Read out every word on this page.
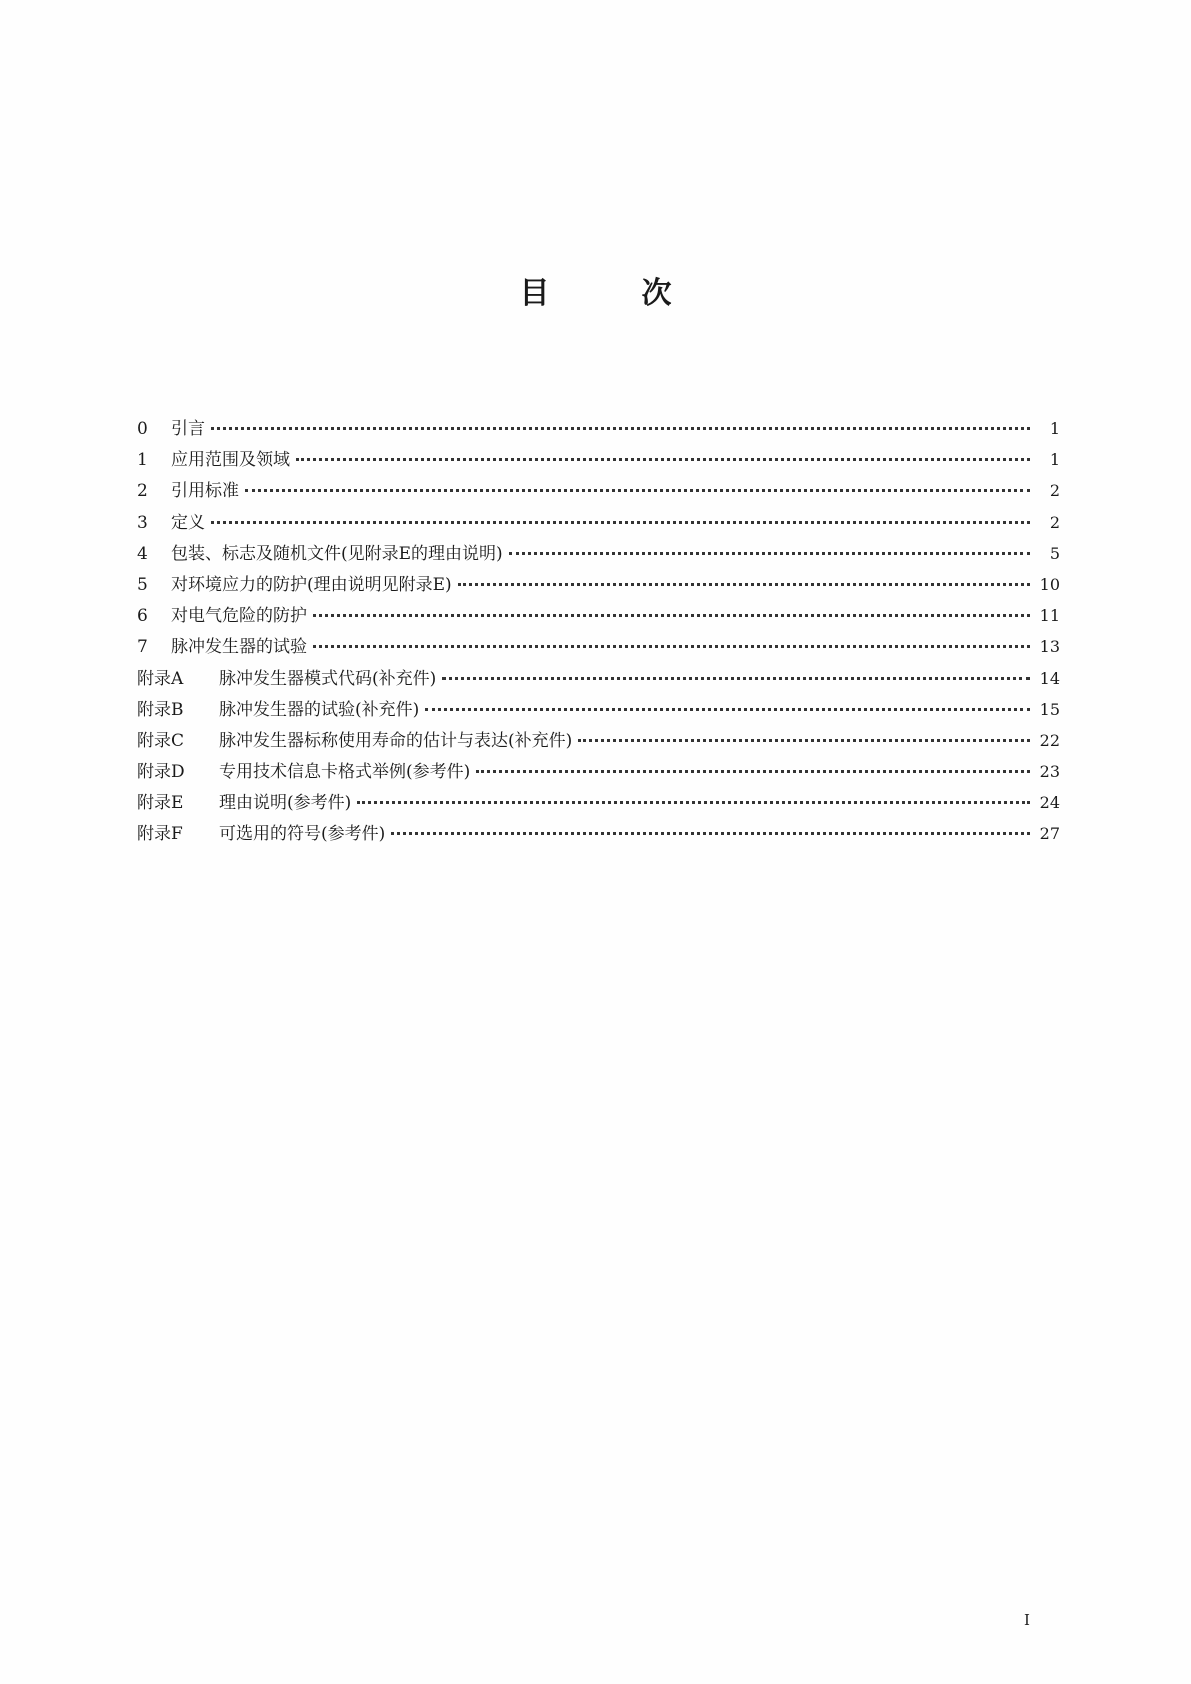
目	次
0	引言	1
1	应用范围及领域	1
2	引用标准	2
3	定义	2
4	包装、标志及随机文件(见附录E的理由说明)	5
5	对环境应力的防护(理由说明见附录E)	10
6	对电气危险的防护	11
7	脉冲发生器的试验	13
附录A	脉冲发生器模式代码(补充件)	14
附录B	脉冲发生器的试验(补充件)	15
附录C	脉冲发生器标称使用寿命的估计与表达(补充件)	22
附录D	专用技术信息卡格式举例(参考件)	23
附录E	理由说明(参考件)	24
附录F	可选用的符号(参考件)	27
I
